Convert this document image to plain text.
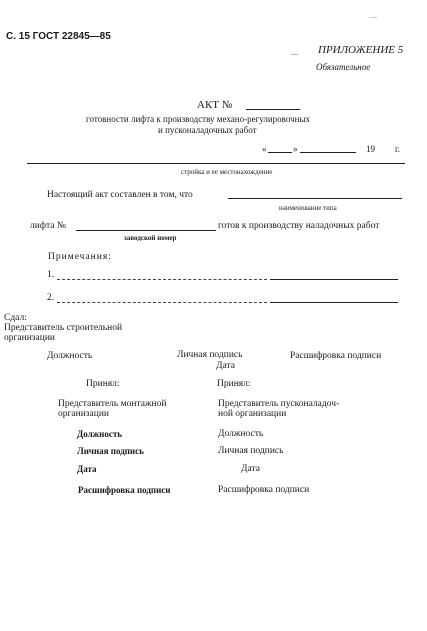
С. 15 ГОСТ 22845—85
—
— ПРИЛОЖЕНИЕ 5
Обязательное
АКТ №
готовности лифта к производству механо-регулировочных
и пусконаладочных работ
«	»	19 г.
стройка и ее местонахождение
Настоящий акт составлен в том, что
наименование типа
лифта №	готов к производству наладочных работ
заводской номер
Примечания:
1.
2.
Сдал:
Представитель строительной
организации
Должность	Личная подпись	Расшифровка подписи
Дата
Принял:	Принял:
Представитель монтажной
организации
Представитель пусконаладоч-
ной организации
Должность	Должность
Личная подпись	Личная подпись
Дата	Дата
Расшифровка подписи	Расшифровка подписи
